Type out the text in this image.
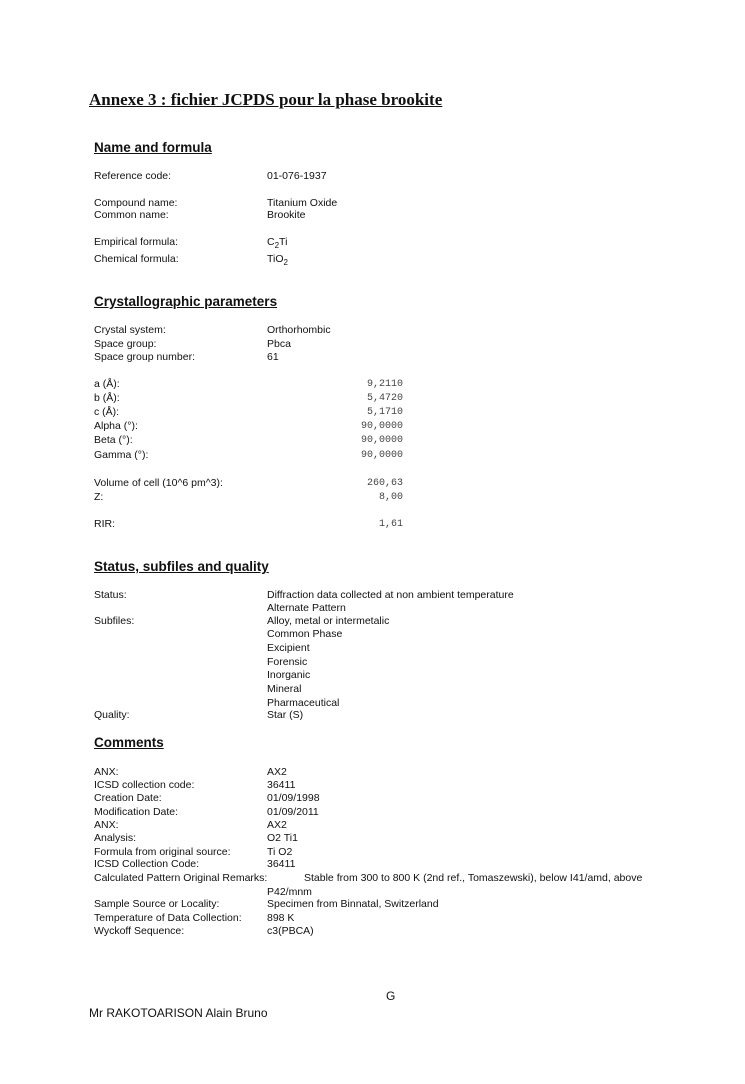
Annexe 3 : fichier JCPDS pour la phase brookite
Name and formula
Reference code:	01-076-1937
Compound name:	Titanium Oxide
Common name:	Brookite
Empirical formula:	$C_2Ti$
Chemical formula:	TiO$_2$
Crystallographic parameters
Crystal system:	Orthorhombic
Space group:	Pbca
Space group number:	61
a (Å):	9,2110
b (Å):	5,4720
c (Å):	5,1710
Alpha (°):	90,0000
Beta (°):	90,0000
Gamma (°):	90,0000
Volume of cell (10^6 pm^3):	260,63
Z:	8,00
RIR:	1,61
Status, subfiles and quality
Status:	Diffraction data collected at non ambient temperature
Alternate Pattern
Subfiles:	Alloy, metal or intermetalic
Common Phase
Excipient
Forensic
Inorganic
Mineral
Pharmaceutical
Quality:	Star (S)
Comments
ANX:	AX2
ICSD collection code:	36411
Creation Date:	01/09/1998
Modification Date:	01/09/2011
ANX:	AX2
Analysis:	O2 Ti1
Formula from original source:	Ti O2
ICSD Collection Code:	36411
Calculated Pattern Original Remarks:	Stable from 300 to 800 K (2nd ref., Tomaszewski), below I41/amd, above
P42/mnm
Sample Source or Locality:	Specimen from Binnatal, Switzerland
Temperature of Data Collection: 898 K
Wyckoff Sequence:	c3(PBCA)
G
Mr RAKOTOARISON Alain Bruno
